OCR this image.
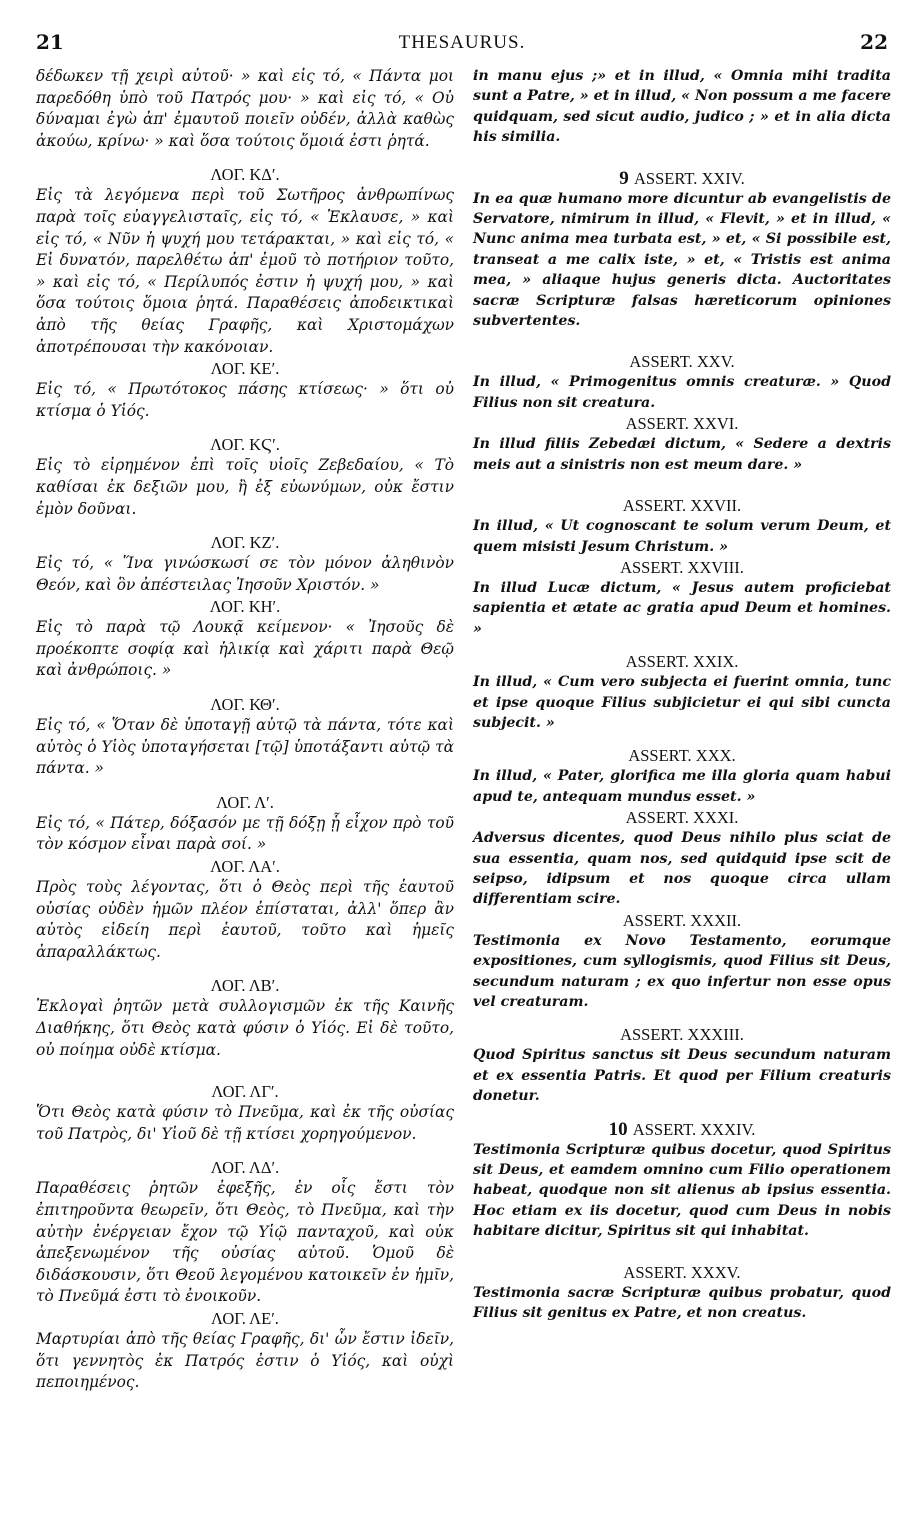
21	THESAURUS.	22

δέδωκεν τῇ χειρὶ αὐτοῦ· » καὶ εἰς τό, « Πάντα μοι παρεδόθη ὑπὸ τοῦ Πατρός μου· » καὶ εἰς τό, « Οὐ δύναμαι ἐγὼ ἀπ' ἐμαυτοῦ ποιεῖν οὐδέν, ἀλλὰ καθὼς ἀκούω, κρίνω· » καὶ ὅσα τούτοις ὅμοιά ἐστι ῥητά.

ΛΟΓ. ΚΔʹ.

Εἰς τὰ λεγόμενα περὶ τοῦ Σωτῆρος ἀνθρωπίνως παρὰ τοῖς εὐαγγελισταῖς, εἰς τό, « Ἐκλαυσε, » καὶ εἰς τό, « Νῦν ἡ ψυχή μου τετάρακται, » καὶ εἰς τό, « Εἰ δυνατόν, παρελθέτω ἀπ' ἐμοῦ τὸ ποτήριον τοῦτο, » καὶ εἰς τό, « Περίλυπός ἐστιν ἡ ψυχή μου, » καὶ ὅσα τούτοις ὅμοια ῥητά. Παραθέσεις ἀποδεικτικαὶ ἀπὸ τῆς θείας Γραφῆς, καὶ Χριστομάχων ἀποτρέπουσαι τὴν κακόνοιαν.

ΛΟΓ. ΚΕʹ.

Εἰς τό, « Πρωτότοκος πάσης κτίσεως· » ὅτι οὐ κτίσμα ὁ Υἱός.

ΛΟΓ. ΚϚʹ.

Εἰς τὸ εἰρημένον ἐπὶ τοῖς υἱοῖς Ζεβεδαίου, « Τὸ καθίσαι ἐκ δεξιῶν μου, ἢ ἐξ εὐωνύμων, οὐκ ἔστιν ἐμὸν δοῦναι.

ΛΟΓ. ΚΖʹ.

Εἰς τό, « Ἵνα γινώσκωσί σε τὸν μόνον ἀληθινὸν Θεόν, καὶ ὃν ἀπέστειλας Ἰησοῦν Χριστόν. »

ΛΟΓ. ΚΗʹ.

Εἰς τὸ παρὰ τῷ Λουκᾷ κείμενον· « Ἰησοῦς δὲ προέκοπτε σοφίᾳ καὶ ἡλικίᾳ καὶ χάριτι παρὰ Θεῷ καὶ ἀνθρώποις. »

ΛΟΓ. ΚΘʹ.

Εἰς τό, « Ὅταν δὲ ὑποταγῇ αὐτῷ τὰ πάντα, τότε καὶ αὐτὸς ὁ Υἱὸς ὑποταγήσεται [τῷ] ὑποτάξαντι αὐτῷ τὰ πάντα. »

ΛΟΓ. Λʹ.

Εἰς τό, « Πάτερ, δόξασόν με τῇ δόξῃ ᾗ εἶχον πρὸ τοῦ τὸν κόσμον εἶναι παρὰ σοί. »

ΛΟΓ. ΛΑʹ.

Πρὸς τοὺς λέγοντας, ὅτι ὁ Θεὸς περὶ τῆς ἑαυτοῦ οὐσίας οὐδὲν ἡμῶν πλέον ἐπίσταται, ἀλλ' ὅπερ ἂν αὐτὸς εἰδείη περὶ ἑαυτοῦ, τοῦτο καὶ ἡμεῖς ἀπαραλλάκτως.

ΛΟΓ. ΛΒʹ.

Ἐκλογαὶ ῥητῶν μετὰ συλλογισμῶν ἐκ τῆς Καινῆς Διαθήκης, ὅτι Θεὸς κατὰ φύσιν ὁ Υἱός. Εἰ δὲ τοῦτο, οὐ ποίημα οὐδὲ κτίσμα.

ΛΟΓ. ΛΓʹ.

Ὅτι Θεὸς κατὰ φύσιν τὸ Πνεῦμα, καὶ ἐκ τῆς οὐσίας τοῦ Πατρὸς, δι' Υἱοῦ δὲ τῇ κτίσει χορηγούμενον.

ΛΟΓ. ΛΔʹ.

Παραθέσεις ῥητῶν ἐφεξῆς, ἐν οἷς ἔστι τὸν ἐπιτηροῦντα θεωρεῖν, ὅτι Θεὸς, τὸ Πνεῦμα, καὶ τὴν αὐτὴν ἐνέργειαν ἔχον τῷ Υἱῷ πανταχοῦ, καὶ οὐκ ἀπεξενωμένον τῆς οὐσίας αὐτοῦ. Ὁμοῦ δὲ διδάσκουσιν, ὅτι Θεοῦ λεγομένου κατοικεῖν ἐν ἡμῖν, τὸ Πνεῦμά ἐστι τὸ ἐνοικοῦν.

ΛΟΓ. ΛΕʹ.

Μαρτυρίαι ἀπὸ τῆς θείας Γραφῆς, δι' ὧν ἔστιν ἰδεῖν, ὅτι γεννητὸς ἐκ Πατρός ἐστιν ὁ Υἱός, καὶ οὐχὶ πεποιημένος.

in manu ejus ;» et in illud, « Omnia mihi tradita sunt a Patre, » et in illud, « Non possum a me facere quidquam, sed sicut audio, judico ; » et in alia dicta his similia.

9 ASSERT. XXIV.

In ea quæ humano more dicuntur ab evangelistis de Servatore, nimirum in illud, « Flevit, » et in illud, « Nunc anima mea turbata est, » et, « Si possibile est, transeat a me calix iste, » et, « Tristis est anima mea, » aliaque hujus generis dicta. Auctoritates sacræ Scripturæ falsas hæreticorum opiniones subvertentes.

ASSERT. XXV.

In illud, « Primogenitus omnis creaturæ. » Quod Filius non sit creatura.

ASSERT. XXVI.

In illud filiis Zebedæi dictum, « Sedere a dextris meis aut a sinistris non est meum dare. »

ASSERT. XXVII.

In illud, « Ut cognoscant te solum verum Deum, et quem misisti Jesum Christum. »

ASSERT. XXVIII.

In illud Lucæ dictum, « Jesus autem proficiebat sapientia et ætate ac gratia apud Deum et homines. »

ASSERT. XXIX.

In illud, « Cum vero subjecta ei fuerint omnia, tunc et ipse quoque Filius subjicietur ei qui sibi cuncta subjecit. »

ASSERT. XXX.

In illud, « Pater, glorifica me illa gloria quam habui apud te, antequam mundus esset. »

ASSERT. XXXI.

Adversus dicentes, quod Deus nihilo plus sciat de sua essentia, quam nos, sed quidquid ipse scit de seipso, idipsum et nos quoque circa ullam differentiam scire.

ASSERT. XXXII.

Testimonia ex Novo Testamento, eorumque expositiones, cum syllogismis, quod Filius sit Deus, secundum naturam ; ex quo infertur non esse opus vel creaturam.

ASSERT. XXXIII.

Quod Spiritus sanctus sit Deus secundum naturam et ex essentia Patris. Et quod per Filium creaturis donetur.

10 ASSERT. XXXIV.

Testimonia Scripturæ quibus docetur, quod Spiritus sit Deus, et eamdem omnino cum Filio operationem habeat, quodque non sit alienus ab ipsius essentia. Hoc etiam ex iis docetur, quod cum Deus in nobis habitare dicitur, Spiritus sit qui inhabitat.

ASSERT. XXXV.

Testimonia sacræ Scripturæ quibus probatur, quod Filius sit genitus ex Patre, et non creatus.
